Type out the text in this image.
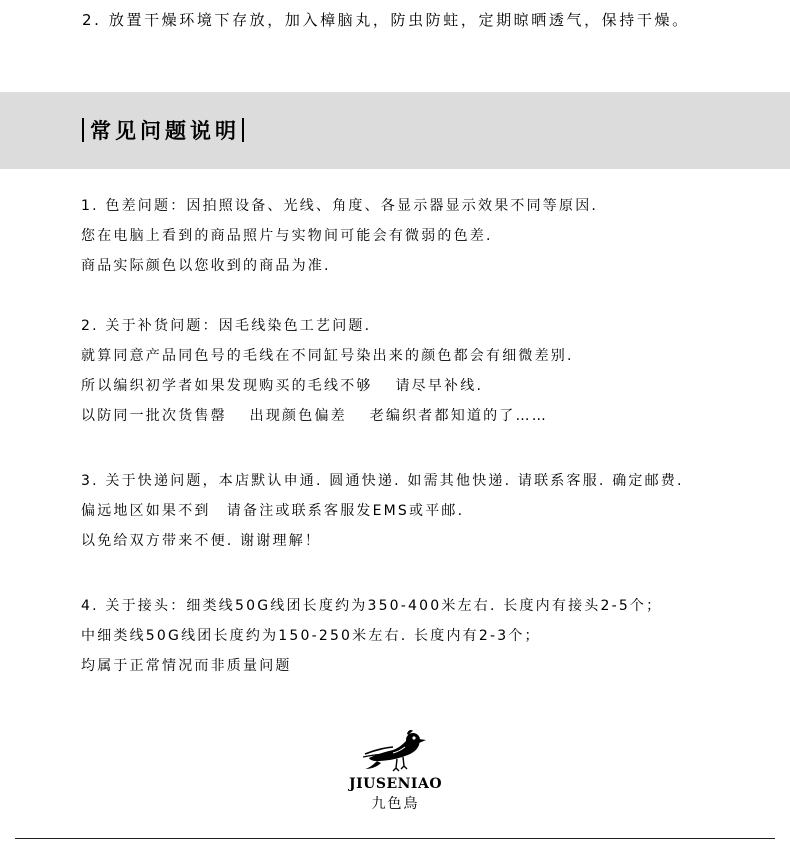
2. 放置干燥环境下存放，加入樟脑丸，防虫防蛀，定期晾晒透气，保持干燥。
常见问题说明
1. 色差问题：因拍照设备、光线、角度、各显示器显示效果不同等原因.
您在电脑上看到的商品照片与实物间可能会有微弱的色差.
商品实际颜色以您收到的商品为准.
2. 关于补货问题：因毛线染色工艺问题.
就算同意产品同色号的毛线在不同缸号染出来的颜色都会有细微差别.
所以编织初学者如果发现购买的毛线不够　 请尽早补线.
以防同一批次货售罄　 出现颜色偏差　 老编织者都知道的了……
3. 关于快递问题，本店默认申通. 圆通快递. 如需其他快递. 请联系客服. 确定邮费.
偏远地区如果不到　请备注或联系客服发EMS或平邮.
以免给双方带来不便. 谢谢理解！
4. 关于接头：细类线50G线团长度约为350-400米左右. 长度内有接头2-5个；
中细类线50G线团长度约为150-250米左右. 长度内有2-3个；
均属于正常情况而非质量问题
JIUSENIAO
九色鳥
